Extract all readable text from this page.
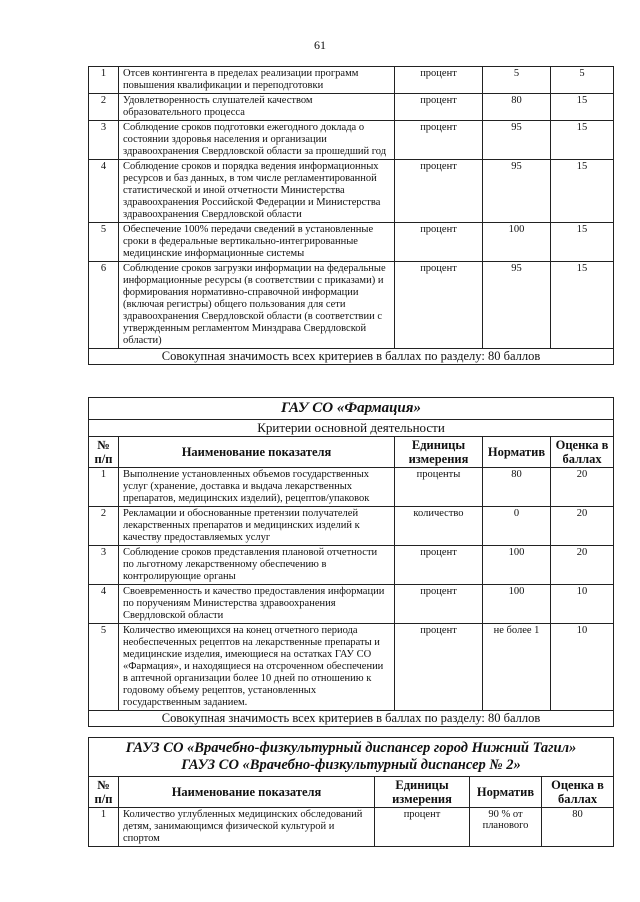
61
1	Отсев контингента в пределах реализации программ повышения квалификации и переподготовки	процент	5	5
2	Удовлетворенность слушателей качеством образовательного процесса	процент	80	15
3	Соблюдение сроков подготовки ежегодного доклада о состоянии здоровья населения и организации здравоохранения Свердловской области за прошедший год	процент	95	15
4	Соблюдение сроков и порядка ведения информационных ресурсов и баз данных, в том числе регламентированной статистической и иной отчетности Министерства здравоохранения Российской Федерации и Министерства здравоохранения Свердловской области	процент	95	15
5	Обеспечение 100% передачи сведений в установленные сроки в федеральные вертикально-интегрированные медицинские информационные системы	процент	100	15
6	Соблюдение сроков загрузки информации на федеральные информационные ресурсы (в соответствии с приказами) и формирования нормативно-справочной информации (включая регистры) общего пользования для сети здравоохранения Свердловской области (в соответствии с утвержденным регламентом Минздрава Свердловской области)	процент	95	15
Совокупная значимость всех критериев в баллах по разделу: 80 баллов				
ГАУ СО «Фармация»				
Критерии основной деятельности				
№ п/п	Наименование показателя	Единицы измерения	Норматив	Оценка в баллах
1	Выполнение установленных объемов государственных услуг (хранение, доставка и выдача лекарственных препаратов, медицинских изделий), рецептов/упаковок	проценты	80	20
2	Рекламации и обоснованные претензии получателей лекарственных препаратов и медицинских изделий к качеству предоставляемых услуг	количество	0	20
3	Соблюдение сроков представления плановой отчетности по льготному лекарственному обеспечению в контролирующие органы	процент	100	20
4	Своевременность и качество предоставления информации по поручениям Министерства здравоохранения Свердловской области	процент	100	10
5	Количество имеющихся на конец отчетного периода необеспеченных рецептов на лекарственные препараты и медицинские изделия, имеющиеся на остатках ГАУ СО «Фармация», и находящиеся на отсроченном обеспечении в аптечной организации более 10 дней по отношению к годовому объему рецептов, установленных государственным заданием.	процент	не более 1	10
Совокупная значимость всех критериев в баллах по разделу: 80 баллов				
ГАУЗ СО «Врачебно-физкультурный диспансер город Нижний Тагил»
ГАУЗ СО «Врачебно-физкультурный диспансер № 2»				

№ п/п	Наименование показателя	Единицы измерения	Норматив	Оценка в баллах
1	Количество углубленных медицинских обследований детям, занимающимся физической культурой и спортом	процент	90 % от планового	80
